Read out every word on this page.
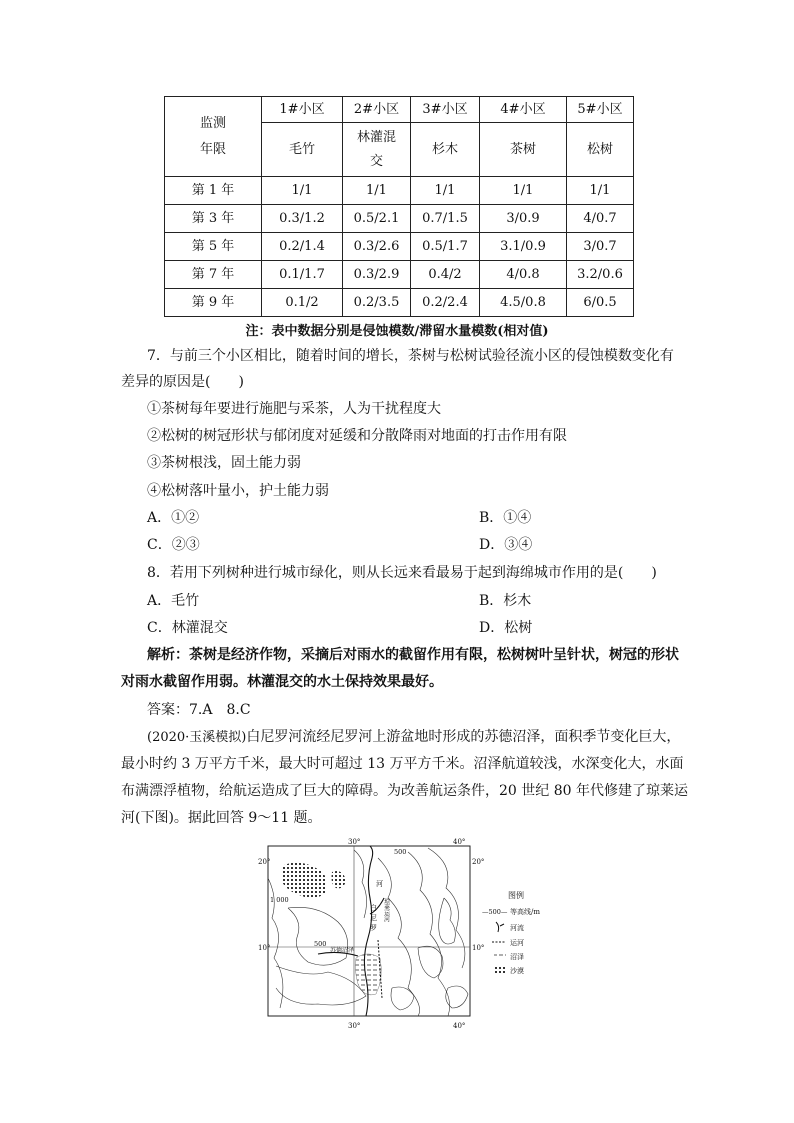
监测
年限	1#小区	2#小区	3#小区	4#小区	5#小区
	毛竹	林灌混交	杉木	茶树	松树
第 1 年	1/1	1/1	1/1	1/1	1/1
第 3 年	0.3/1.2	0.5/2.1	0.7/1.5	3/0.9	4/0.7
第 5 年	0.2/1.4	0.3/2.6	0.5/1.7	3.1/0.9	3/0.7
第 7 年	0.1/1.7	0.3/2.9	0.4/2	4/0.8	3.2/0.6
第 9 年	0.1/2	0.2/3.5	0.2/2.4	4.5/0.8	6/0.5
注：表中数据分别是侵蚀模数/滞留水量模数(相对值)
7．与前三个小区相比，随着时间的增长，茶树与松树试验径流小区的侵蚀模数变化有
差异的原因是(　　)
①茶树每年要进行施肥与采茶，人为干扰程度大
②松树的树冠形状与郁闭度对延缓和分散降雨对地面的打击作用有限
③茶树根浅，固土能力弱
④松树落叶量小，护土能力弱
A．①②	B．①④
C．②③	D．③④
8．若用下列树种进行城市绿化，则从长远来看最易于起到海绵城市作用的是(　　)
A．毛竹	B．杉木
C．林灌混交	D．松树
解析：茶树是经济作物，采摘后对雨水的截留作用有限，松树树叶呈针状，树冠的形状
对雨水截留作用弱。林灌混交的水土保持效果最好。
答案：7.A　8.C
(2020·玉溪模拟)白尼罗河流经尼罗河上游盆地时形成的苏德沼泽，面积季节变化巨大，
最小时约 3 万平方千米，最大时可超过 13 万平方千米。沼泽航道较浅，水深变化大，水面
布满漂浮植物，给航运造成了巨大的障碍。为改善航运条件，20 世纪 80 年代修建了琼莱运
河(下图)。据此回答 9～11 题。
30°	40°
30°	40°
20°	20°
10°	10°
1 000
500
500
河
白
尼
罗
苏德沼泽
琼莱运河
图例
—500— 等高线/m
河流
运河
沼泽
沙漠
